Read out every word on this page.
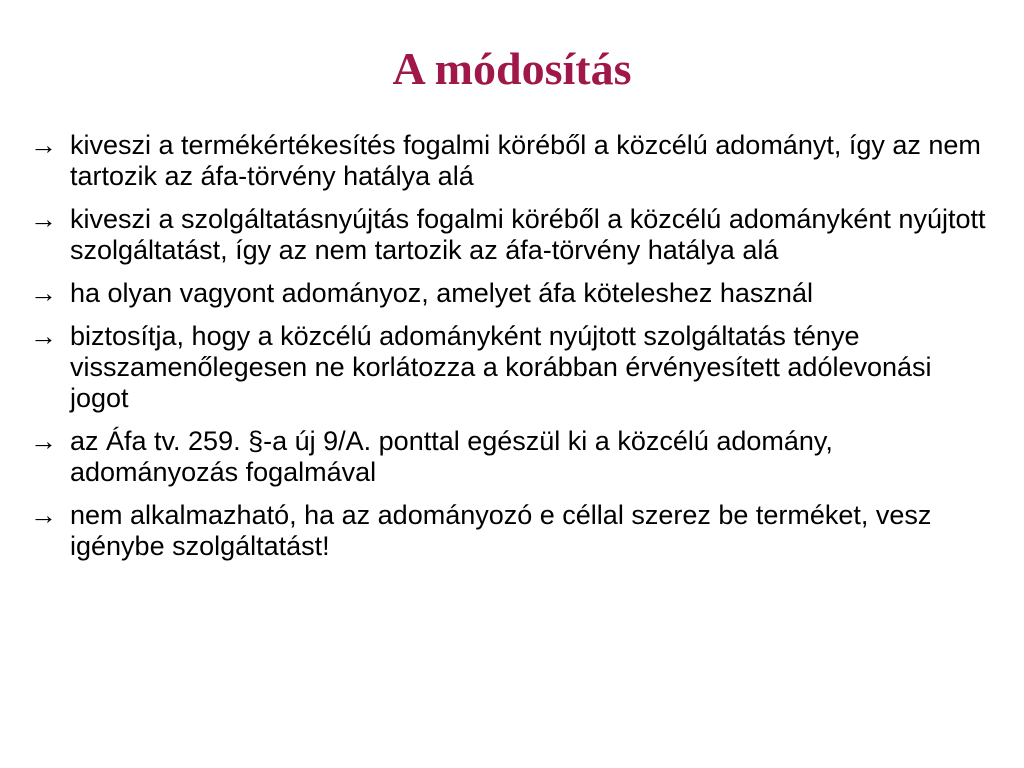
A módosítás
→ kiveszi a termékértékesítés fogalmi köréből a közcélú adományt, így az nem tartozik az áfa-törvény hatálya alá
→ kiveszi a szolgáltatásnyújtás fogalmi köréből a közcélú adományként nyújtott szolgáltatást, így az nem tartozik az áfa-törvény hatálya alá
→ ha olyan vagyont adományoz, amelyet áfa köteleshez használ
→ biztosítja, hogy a közcélú adományként nyújtott szolgáltatás ténye visszamenőlegesen ne korlátozza a korábban érvényesített adólevonási jogot
→ az Áfa tv. 259. §-a új 9/A. ponttal egészül ki a közcélú adomány, adományozás fogalmával
→ nem alkalmazható, ha az adományozó e céllal szerez be terméket, vesz igénybe szolgáltatást!
